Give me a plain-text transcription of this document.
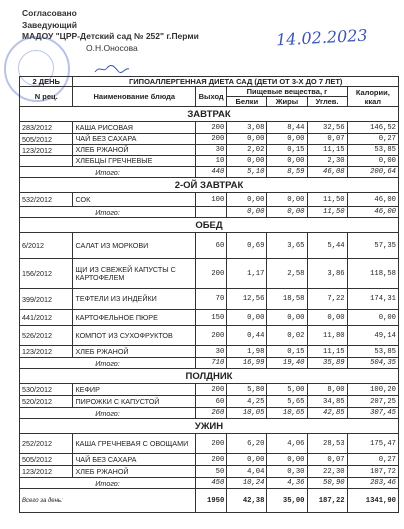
Согласовано
Заведующий
МАДОУ "ЦРР-Детский сад № 252" г.Перми
О.Н.Оносова	14.02.2023
2 ДЕНЬ	ГИПОАЛЛЕРГЕННАЯ ДИЕТА САД (ДЕТИ ОТ 3-Х ДО 7 ЛЕТ)					
N рец.	Наименование блюда	Выход	Пищевые вещества, г			Калории, ккал
			Белки	Жиры	Углев.	
ЗАВТРАК						
283/2012	КАША РИСОВАЯ	200	3,08	8,44	32,56	146,52
505/2012	ЧАЙ БЕЗ САХАРА	200	0,00	0,00	0,07	0,27
123/2012	ХЛЕБ РЖАНОЙ	30	2,02	0,15	11,15	53,85
	ХЛЕБЦЫ ГРЕЧНЕВЫЕ	10	0,00	0,00	2,30	0,00
Итого:		440	5,10	8,59	46,08	200,64
2-ОЙ ЗАВТРАК						
532/2012	СОК	100	0,00	0,00	11,50	46,00
Итого:			0,00	0,00	11,50	46,00
ОБЕД						
6/2012	САЛАТ ИЗ МОРКОВИ	60	0,69	3,65	5,44	57,35
156/2012	ЩИ ИЗ СВЕЖЕЙ КАПУСТЫ С КАРТОФЕЛЕМ	200	1,17	2,58	3,86	118,58
399/2012	ТЕФТЕЛИ ИЗ ИНДЕЙКИ	70	12,56	18,58	7,22	174,31
441/2012	КАРТОФЕЛЬНОЕ ПЮРЕ	150	0,00	0,00	0,00	0,00
526/2012	КОМПОТ ИЗ СУХОФРУКТОВ	200	0,44	0,02	11,80	49,14
123/2012	ХЛЕБ РЖАНОЙ	30	1,98	0,15	11,15	53,85
Итого:		710	16,99	19,40	35,89	504,35
ПОЛДНИК						
530/2012	КЕФИР	200	5,80	5,00	8,00	100,20
520/2012	ПИРОЖКИ С КАПУСТОЙ	60	4,25	5,65	34,85	207,25
Итого:		260	10,05	10,65	42,85	307,45
УЖИН						
252/2012	КАША ГРЕЧНЕВАЯ С ОВОЩАМИ	200	6,20	4,06	28,53	175,47
505/2012	ЧАЙ БЕЗ САХАРА	200	0,00	0,00	0,07	0,27
123/2012	ХЛЕБ РЖАНОЙ	50	4,04	0,30	22,30	107,72
Итого:		450	10,24	4,36	50,90	283,46
Всего за день:		1950	42,38	35,00	187,22	1341,90
